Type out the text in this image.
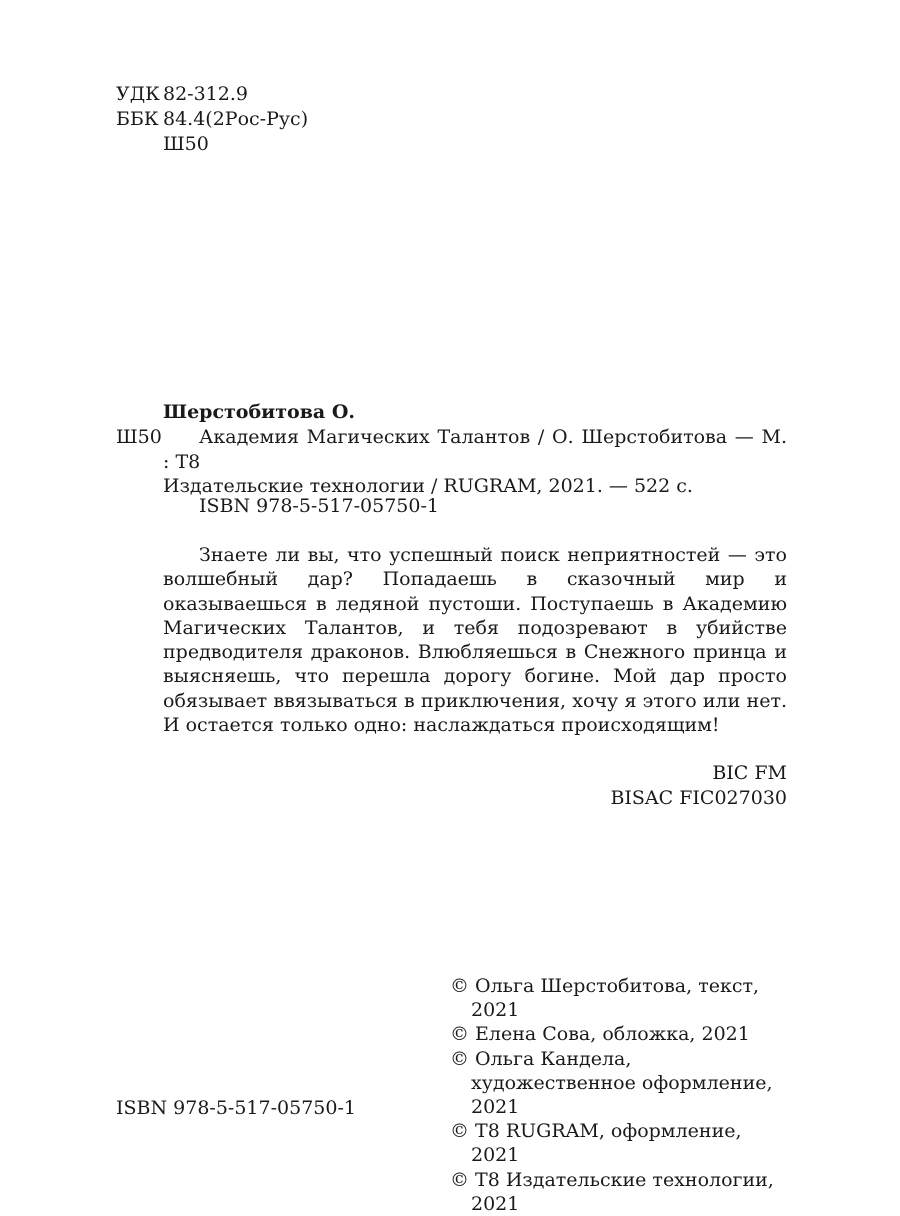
УДК 82-312.9
ББК 84.4(2Рос-Рус)
Ш50
Шерстобитова О.
Ш50	Академия Магических Талантов / О. Шерстобитова — М. : Т8
Издательские технологии / RUGRAM, 2021. — 522 с.
ISBN 978-5-517-05750-1
Знаете ли вы, что успешный поиск неприятностей — это волшебный дар? Попадаешь в сказочный мир и оказываешься в ледяной пустоши. Поступаешь в Академию Магических Талантов, и тебя подозревают в убийстве предводителя драконов. Влюбляешься в Снежного принца и выясняешь, что перешла дорогу богине. Мой дар просто обязывает ввязываться в приключения, хочу я этого или нет. И остается только одно: наслаждаться происходящим!
BIC FM
BISAC FIC027030
© Ольга Шерстобитова, текст, 2021
© Елена Сова, обложка, 2021
© Ольга Кандела, художественное оформление, 2021
© Т8 RUGRAM, оформление, 2021
© Т8 Издательские технологии, 2021
ISBN 978-5-517-05750-1
